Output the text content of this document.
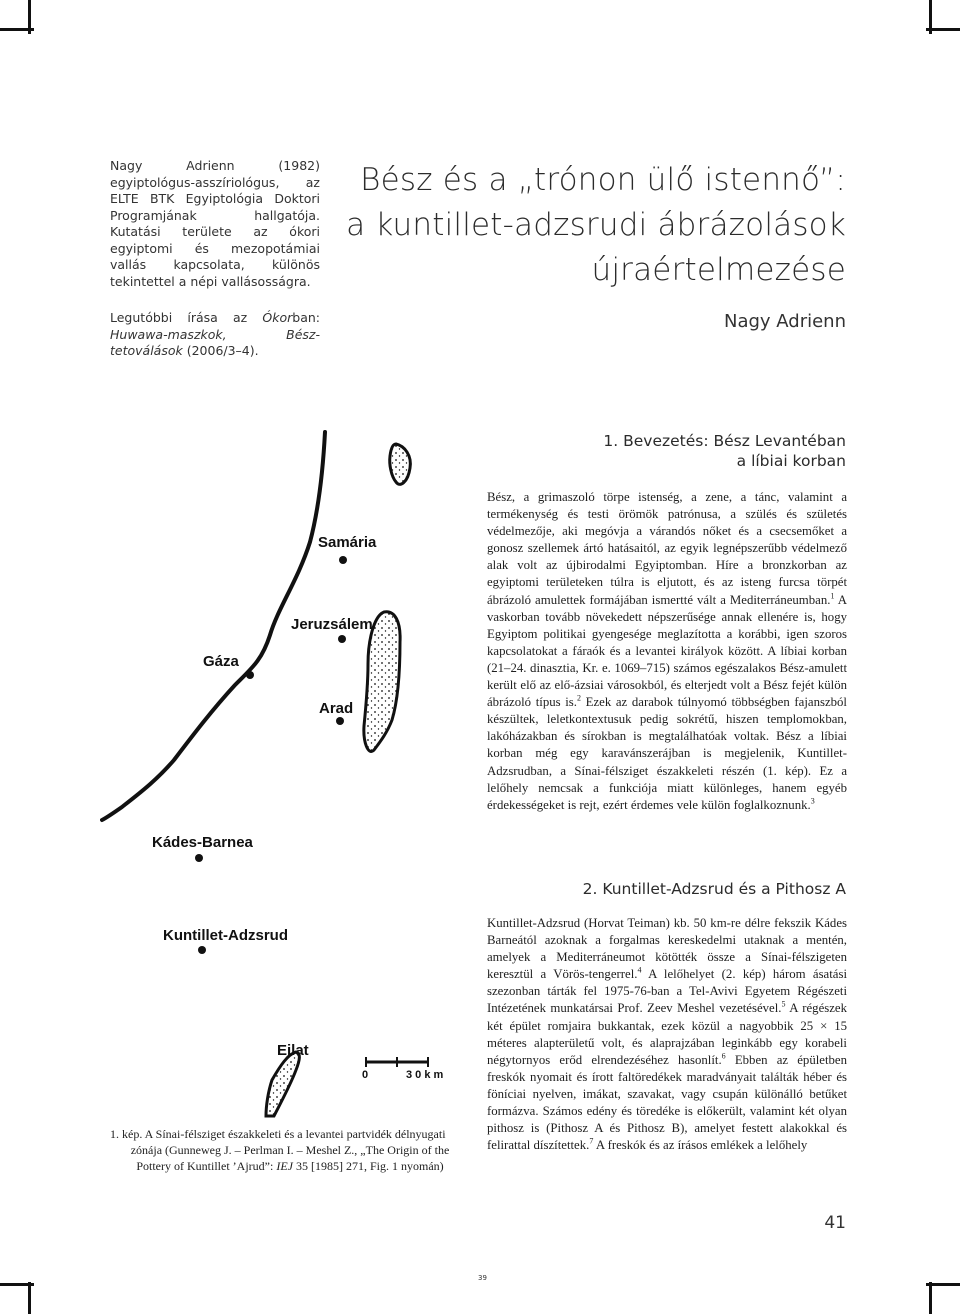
Nagy Adrienn (1982) egyiptológus-asszíriológus, az ELTE BTK Egyiptológia Doktori Programjának hallgatója. Kutatási területe az ókori egyiptomi és mezopotámiai vallás kapcsolata, különös tekintettel a népi vallásosságra.

Legutóbbi írása az Ókorban: Huwawa-maszkok, Bész-tetoválások (2006/3–4).

Bész és a „trónon ülő istennő”:
a kuntillet-adzsrudi ábrázolások
újraértelmezése
Nagy Adrienn
1. Bevezetés: Bész Levantéban
a líbiai korban
Bész, a grimaszoló törpe istenség, a zene, a tánc, valamint a termékenység és testi örömök patrónusa, a szülés és születés védelmezője, aki megóvja a várandós nőket és a csecsemőket a gonosz szellemek ártó hatásaitól, az egyik legnépszerűbb védelmező alak volt az újbirodalmi Egyiptomban. Híre a bronzkorban az egyiptomi területeken túlra is eljutott, és az isteng furcsa törpét ábrázoló amulettek formájában ismertté vált a Mediterráneumban.$^1$ A vaskorban tovább növekedett népszerűsége annak ellenére is, hogy Egyiptom politikai gyengesége meglazította a korábbi, igen szoros kapcsolatokat a fáraók és a levantei királyok között. A líbiai korban (21–24. dinasztia, Kr. e. 1069–715) számos egészalakos Bész-amulett került elő az elő-ázsiai városokból, és elterjedt volt a Bész fejét külön ábrázoló típus is.$^2$ Ezek az darabok túlnyomó többségben fajanszból készültek, leletkontextusuk pedig sokrétű, hiszen templomokban, lakóházakban és sírokban is megtalálhatóak voltak. Bész a líbiai korban még egy karavánszerájban is megjelenik, Kuntillet-Adzsrudban, a Sínai-félsziget északkeleti részén (1. kép). Ez a lelőhely nemcsak a funkciója miatt különleges, hanem egyéb érdekességeket is rejt, ezért érdemes vele külön foglalkoznunk.$^3$
2. Kuntillet-Adzsrud és a Pithosz A
Kuntillet-Adzsrud (Horvat Teiman) kb. 50 km-re délre fekszik Kádes Barneától azoknak a forgalmas kereskedelmi utaknak a mentén, amelyek a Mediterráneumot kötötték össze a Sínai-félszigeten keresztül a Vörös-tengerrel.$^4$ A lelőhelyet (2. kép) három ásatási szezonban tárták fel 1975-76-ban a Tel-Avivi Egyetem Régészeti Intézetének munkatársai Prof. Zeev Meshel vezetésével.$^5$ A régészek két épület romjaira bukkantak, ezek közül a nagyobbik 25 × 15 méteres alapterületű volt, és alaprajzában leginkább egy korabeli négytornyos erőd elrendezéséhez hasonlít.$^6$ Ebben az épületben freskók nyomait és írott faltöredékek maradványait találták héber és föníciai nyelven, imákat, szavakat, vagy csupán különálló betűket formázva. Számos edény és töredéke is előkerült, valamint két olyan pithosz is (Pithosz A és Pithosz B), amelyet festett alakokkal és felirattal díszítettek.$^7$ A freskók és az írásos emlékek a lelőhely
Samária
Jeruzsálem
Gáza
Arad
Kádes-Barnea
Kuntillet-Adzsrud
Eilat
0	3 0 k m
1. kép. A Sínai-félsziget északkeleti és a levantei partvidék délnyugati
zónája (Gunneweg J. – Perlman I. – Meshel Z., „The Origin of the
Pottery of Kuntillet ’Ajrud”: IEJ 35 [1985] 271, Fig. 1 nyomán)
41
39
